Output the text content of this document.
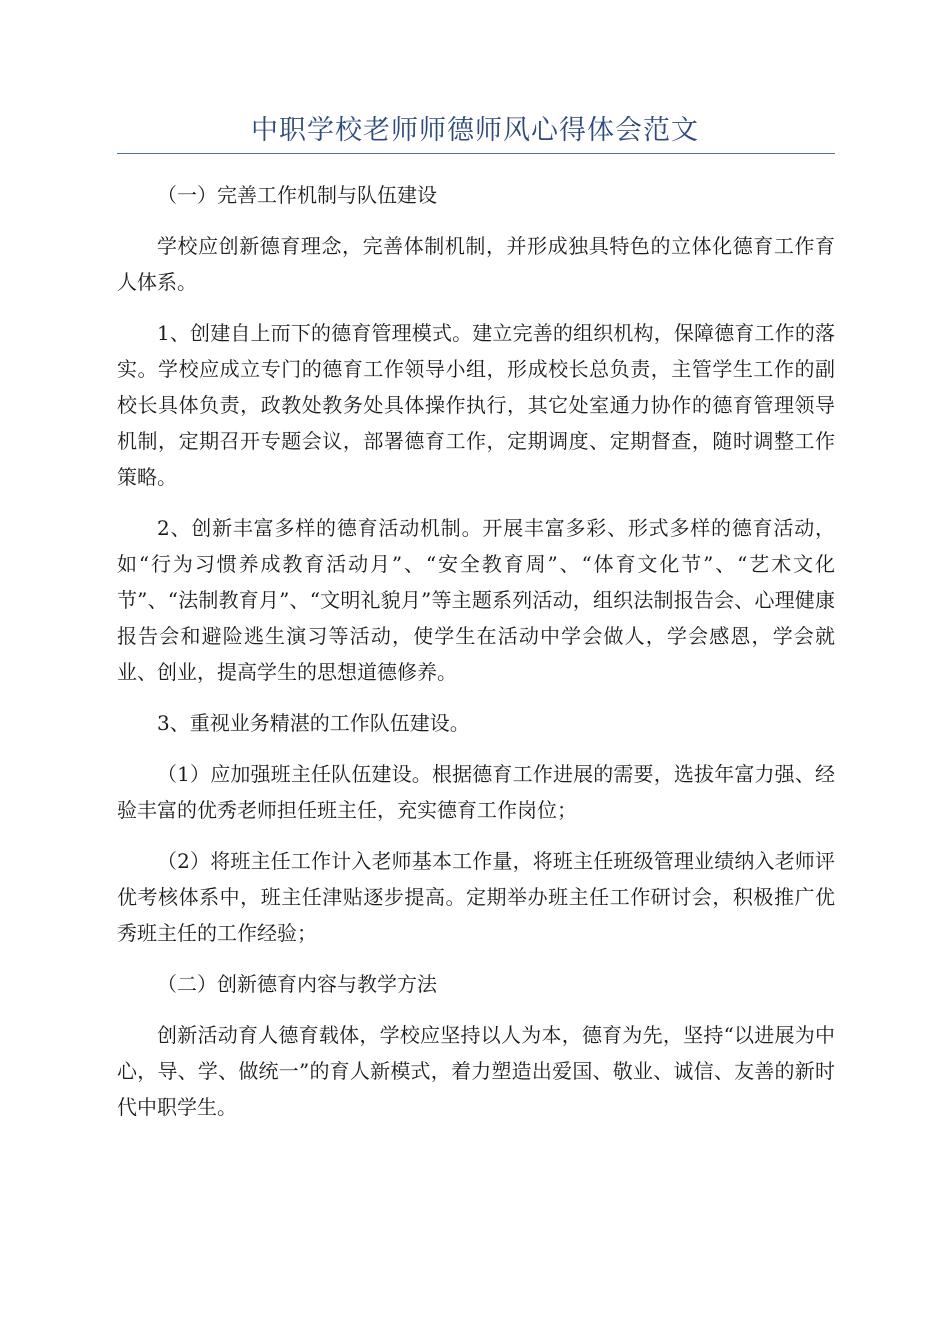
中职学校老师师德师风心得体会范文

（一）完善工作机制与队伍建设

学校应创新德育理念，完善体制机制，并形成独具特色的立体化德育工作育人体系。

1、创建自上而下的德育管理模式。建立完善的组织机构，保障德育工作的落实。学校应成立专门的德育工作领导小组，形成校长总负责，主管学生工作的副校长具体负责，政教处教务处具体操作执行，其它处室通力协作的德育管理领导机制，定期召开专题会议，部署德育工作，定期调度、定期督查，随时调整工作策略。

2、创新丰富多样的德育活动机制。开展丰富多彩、形式多样的德育活动，如“行为习惯养成教育活动月”、“安全教育周”、“体育文化节”、“艺术文化节”、“法制教育月”、“文明礼貌月”等主题系列活动，组织法制报告会、心理健康报告会和避险逃生演习等活动，使学生在活动中学会做人，学会感恩，学会就业、创业，提高学生的思想道德修养。

3、重视业务精湛的工作队伍建设。

（1）应加强班主任队伍建设。根据德育工作进展的需要，选拔年富力强、经验丰富的优秀老师担任班主任，充实德育工作岗位；

（2）将班主任工作计入老师基本工作量，将班主任班级管理业绩纳入老师评优考核体系中，班主任津贴逐步提高。定期举办班主任工作研讨会，积极推广优秀班主任的工作经验；

（二）创新德育内容与教学方法

创新活动育人德育载体，学校应坚持以人为本，德育为先，坚持“以进展为中心，导、学、做统一”的育人新模式，着力塑造出爱国、敬业、诚信、友善的新时代中职学生。
